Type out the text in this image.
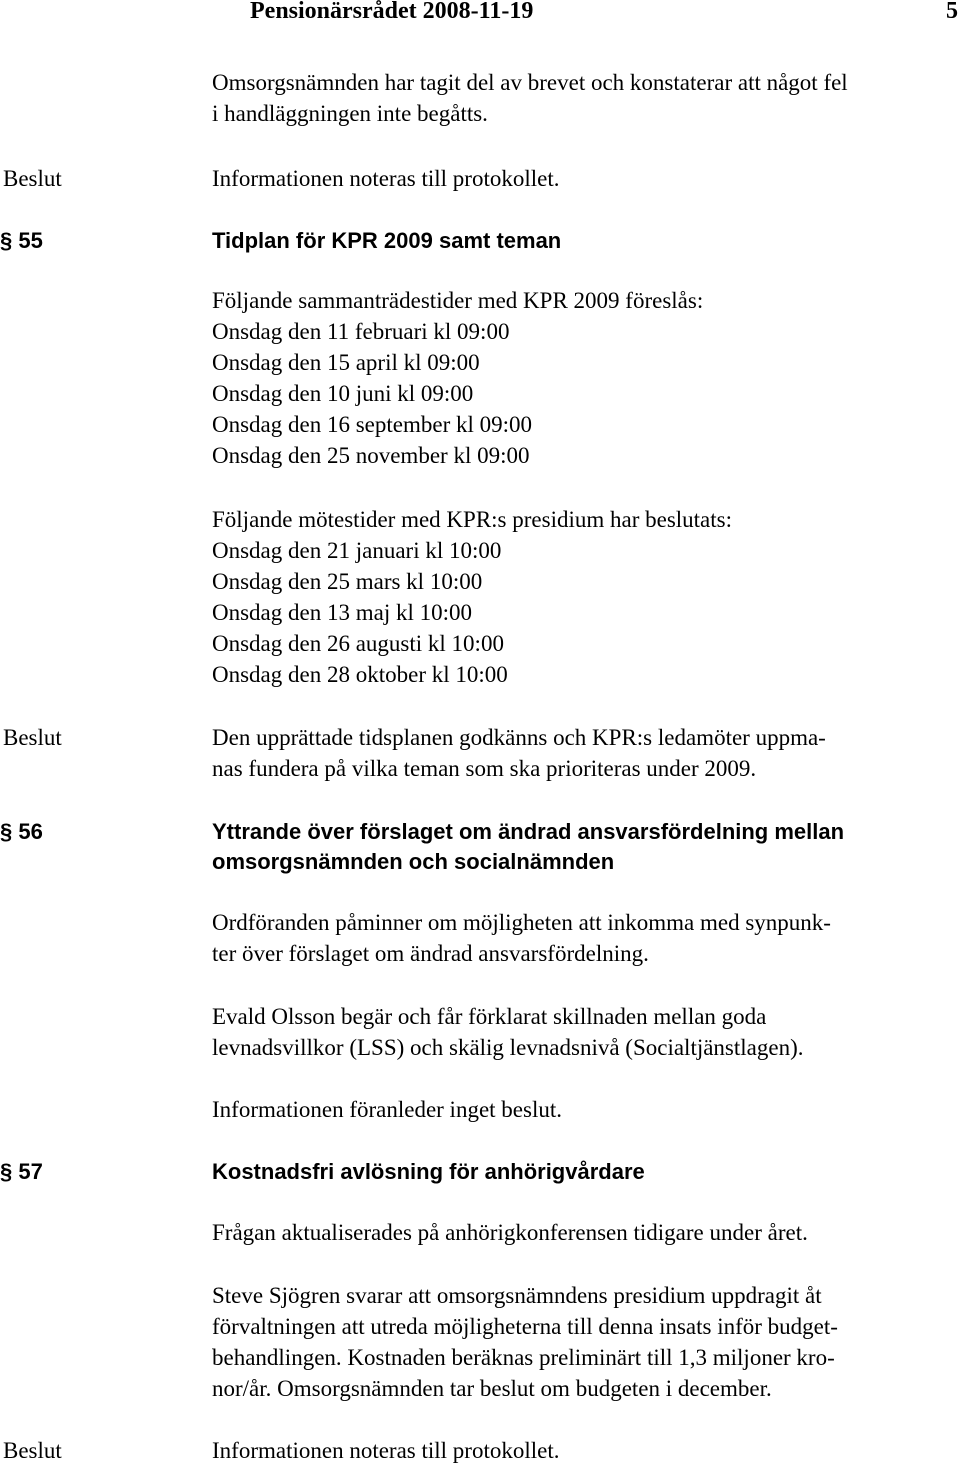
Pensionärsrådet 2008-11-19	5
Omsorgsnämnden har tagit del av brevet och konstaterar att något fel
i handläggningen inte begåtts.
Beslut	Informationen noteras till protokollet.
§ 55	Tidplan för KPR 2009 samt teman
Följande sammanträdestider med KPR 2009 föreslås:
Onsdag den 11 februari kl 09:00
Onsdag den 15 april kl 09:00
Onsdag den 10 juni kl 09:00
Onsdag den 16 september kl 09:00
Onsdag den 25 november kl 09:00
Följande mötestider med KPR:s presidium har beslutats:
Onsdag den 21 januari kl 10:00
Onsdag den 25 mars kl 10:00
Onsdag den 13 maj kl 10:00
Onsdag den 26 augusti kl 10:00
Onsdag den 28 oktober kl 10:00
Beslut	Den upprättade tidsplanen godkänns och KPR:s ledamöter uppma-
nas fundera på vilka teman som ska prioriteras under 2009.
§ 56	Yttrande över förslaget om ändrad ansvarsfördelning mellan
omsorgsnämnden och socialnämnden
Ordföranden påminner om möjligheten att inkomma med synpunk-
ter över förslaget om ändrad ansvarsfördelning.
Evald Olsson begär och får förklarat skillnaden mellan goda
levnadsvillkor (LSS) och skälig levnadsnivå (Socialtjänstlagen).
Informationen föranleder inget beslut.
§ 57	Kostnadsfri avlösning för anhörigvårdare
Frågan aktualiserades på anhörigkonferensen tidigare under året.
Steve Sjögren svarar att omsorgsnämndens presidium uppdragit åt
förvaltningen att utreda möjligheterna till denna insats inför budget-
behandlingen. Kostnaden beräknas preliminärt till 1,3 miljoner kro-
nor/år. Omsorgsnämnden tar beslut om budgeten i december.
Beslut	Informationen noteras till protokollet.
